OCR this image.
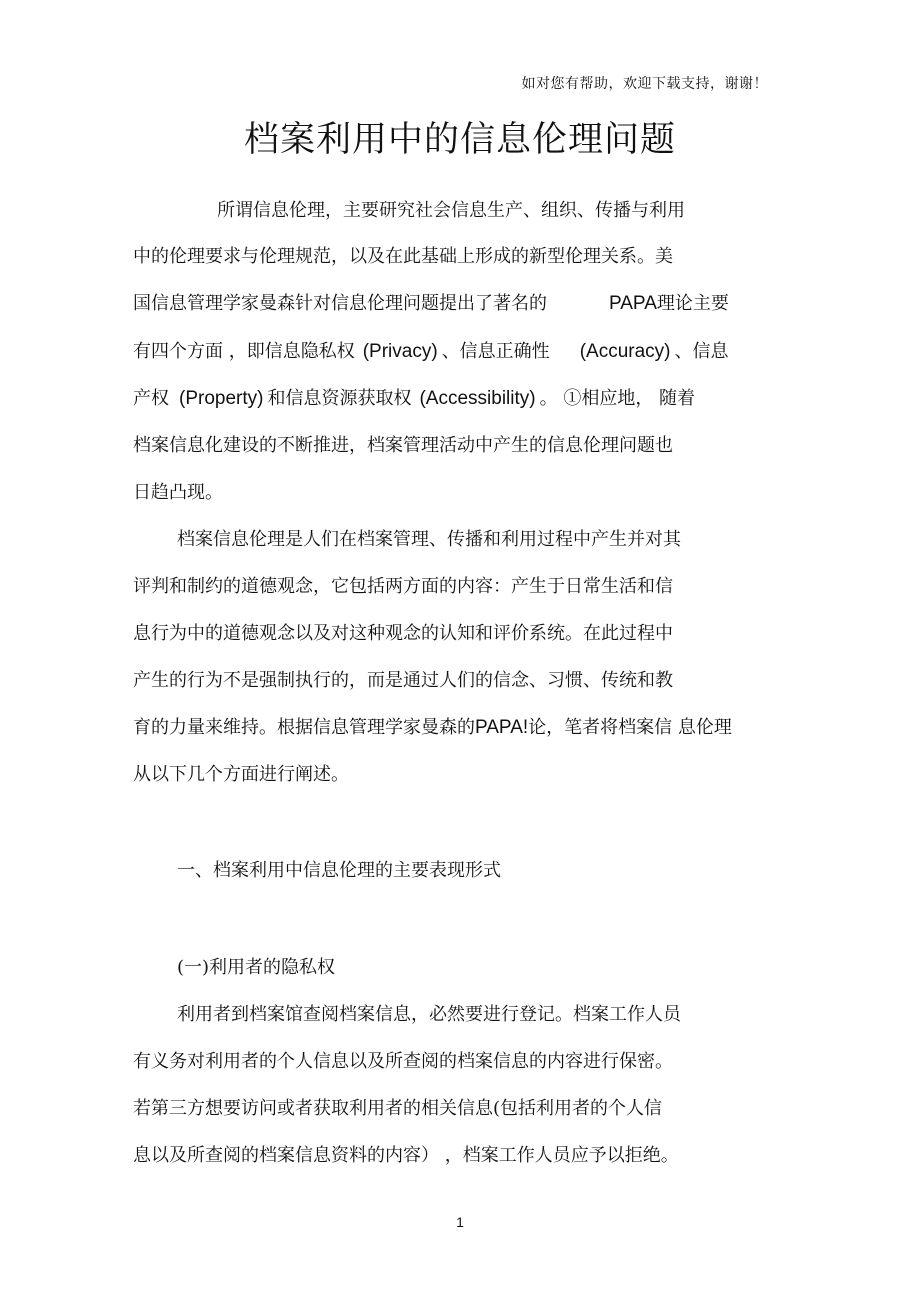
如对您有帮助，欢迎下载支持，谢谢！
档案利用中的信息伦理问题
所谓信息伦理，主要研究社会信息生产、组织、传播与利用
中的伦理要求与伦理规范，以及在此基础上形成的新型伦理关系。美
国信息管理学家曼森针对信息伦理问题提出了著名的	PAPA理论主要
有四个方面 ，即信息隐私权 (Privacy) 、信息正确性 (Accuracy) 、信息
产权 (Property) 和信息资源获取权 (Accessibility) 。 ①相应地， 随着
档案信息化建设的不断推进，档案管理活动中产生的信息伦理问题也
日趋凸现。
档案信息伦理是人们在档案管理、传播和利用过程中产生并对其
评判和制约的道德观念，它包括两方面的内容：产生于日常生活和信
息行为中的道德观念以及对这种观念的认知和评价系统。在此过程中
产生的行为不是强制执行的，而是通过人们的信念、习惯、传统和教
育的力量来维持。根据信息管理学家曼森的PAPA!论，笔者将档案信 息伦理
从以下几个方面进行阐述。
一、档案利用中信息伦理的主要表现形式
(一)利用者的隐私权
利用者到档案馆查阅档案信息，必然要进行登记。档案工作人员
有义务对利用者的个人信息以及所查阅的档案信息的内容进行保密。
若第三方想要访问或者获取利用者的相关信息(包括利用者的个人信
息以及所查阅的档案信息资料的内容） ，档案工作人员应予以拒绝。
1
